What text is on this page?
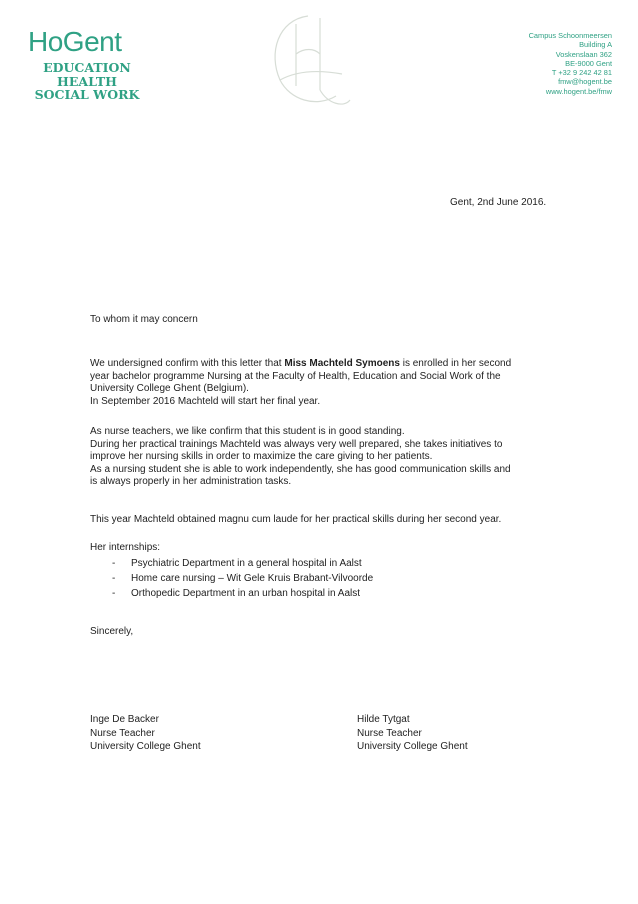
HoGent
EDUCATION
HEALTH
SOCIAL WORK
Campus Schoonmeersen
Building A
Voskenslaan 362
BE-9000 Gent
T +32 9 242 42 81
fmw@hogent.be
www.hogent.be/fmw
Gent, 2nd June 2016.
To whom it may concern
We undersigned confirm with this letter that Miss Machteld Symoens is enrolled in her second
year bachelor programme Nursing at the Faculty of Health, Education and Social Work of the
University College Ghent (Belgium).
In September 2016 Machteld will start her final year.
As nurse teachers, we like confirm that this student is in good standing.
During her practical trainings Machteld was always very well prepared, she takes initiatives to
improve her nursing skills in order to maximize the care giving to her patients.
As a nursing student she is able to work independently, she has good communication skills and
is always properly in her administration tasks.
This year Machteld obtained magnu cum laude for her practical skills during her second year.
Her internships:
- Psychiatric Department in a general hospital in Aalst
- Home care nursing – Wit Gele Kruis Brabant-Vilvoorde
- Orthopedic Department in an urban hospital in Aalst
Sincerely,
Inge De Backer
Nurse Teacher
University College Ghent
Hilde Tytgat
Nurse Teacher
University College Ghent
